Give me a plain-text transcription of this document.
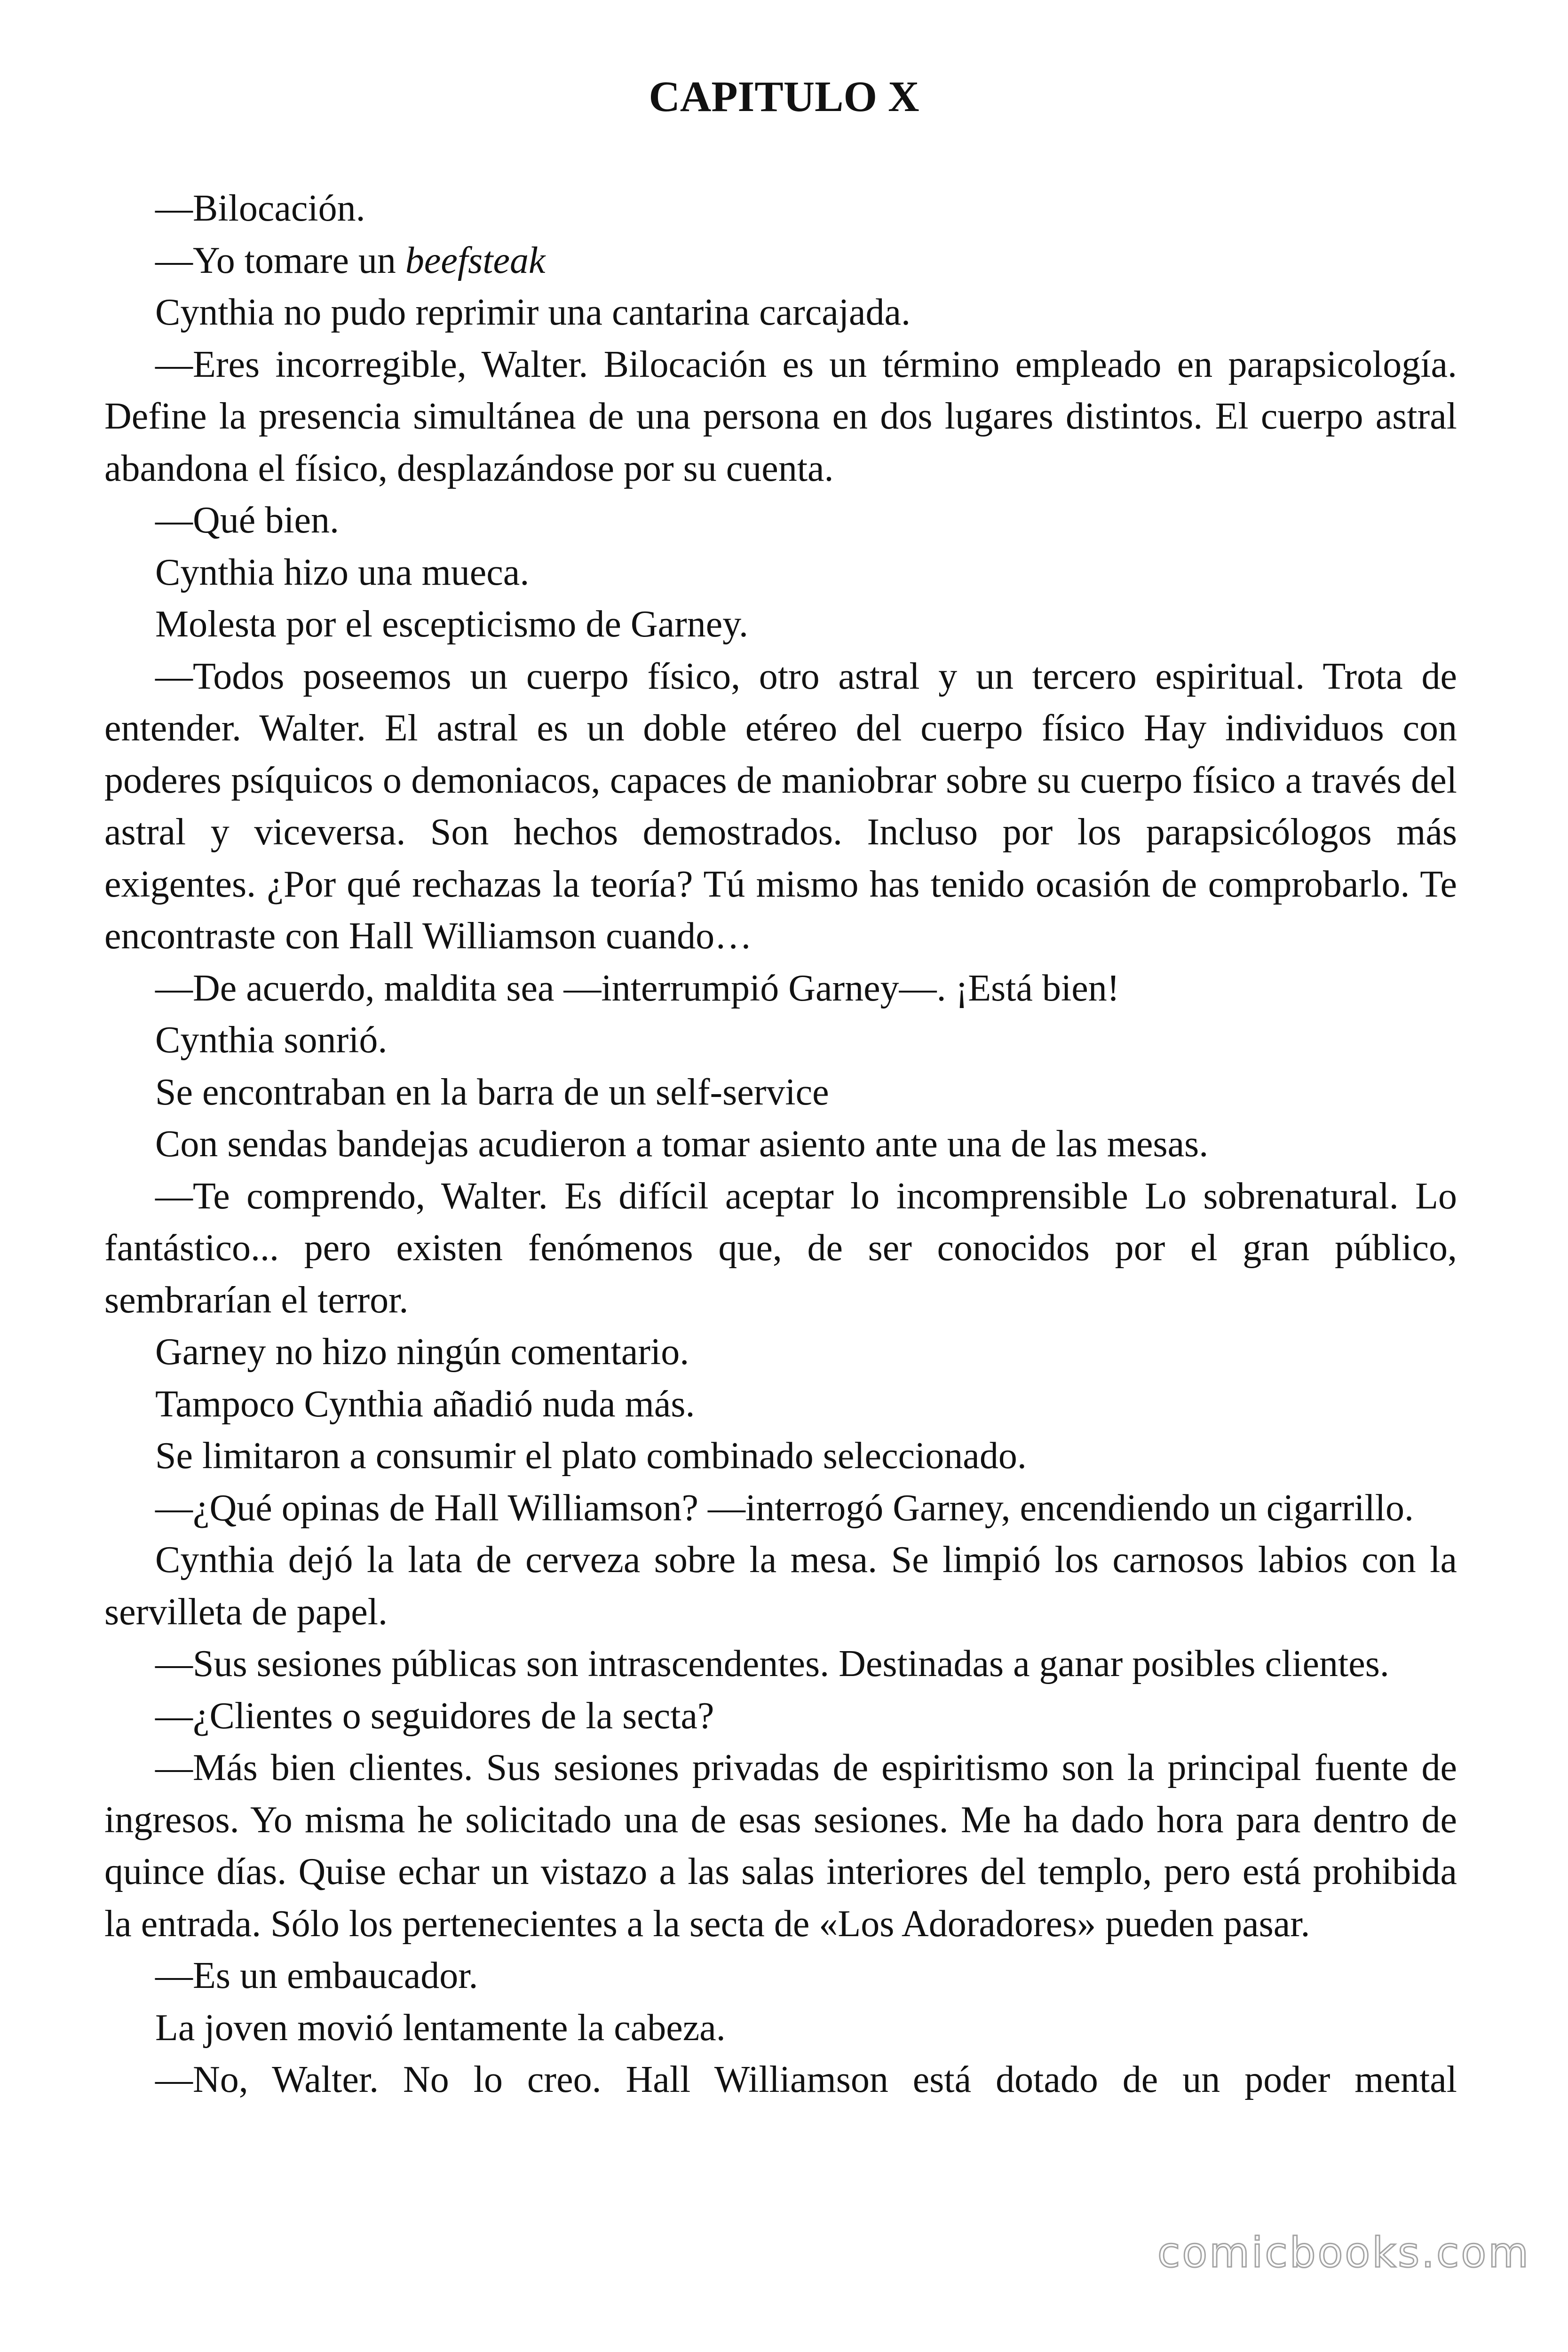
CAPITULO X

—Bilocación.

—Yo tomare un beefsteak

Cynthia no pudo reprimir una cantarina carcajada.

—Eres incorregible, Walter. Bilocación es un término empleado en parapsicología. Define la presencia simultánea de una persona en dos lugares distintos. El cuerpo astral abandona el físico, desplazándose por su cuenta.

—Qué bien.

Cynthia hizo una mueca.

Molesta por el escepticismo de Garney.

—Todos poseemos un cuerpo físico, otro astral y un tercero espiritual. Trota de entender. Walter. El astral es un doble etéreo del cuerpo físico Hay individuos con poderes psíquicos o demoniacos, capaces de maniobrar sobre su cuerpo físico a través del astral y viceversa. Son hechos demostrados. Incluso por los parapsicólogos más exigentes. ¿Por qué rechazas la teoría? Tú mismo has tenido ocasión de comprobarlo. Te encontraste con Hall Williamson cuando…

—De acuerdo, maldita sea —interrumpió Garney—. ¡Está bien!

Cynthia sonrió.

Se encontraban en la barra de un self-service

Con sendas bandejas acudieron a tomar asiento ante una de las mesas.

—Te comprendo, Walter. Es difícil aceptar lo incomprensible Lo sobrenatural. Lo fantástico... pero existen fenómenos que, de ser conocidos por el gran público, sembrarían el terror.

Garney no hizo ningún comentario.

Tampoco Cynthia añadió nuda más.

Se limitaron a consumir el plato combinado seleccionado.

—¿Qué opinas de Hall Williamson? —interrogó Garney, encendiendo un cigarrillo.

Cynthia dejó la lata de cerveza sobre la mesa. Se limpió los carnosos labios con la servilleta de papel.

—Sus sesiones públicas son intrascendentes. Destinadas a ganar posibles clientes.

—¿Clientes o seguidores de la secta?

—Más bien clientes. Sus sesiones privadas de espiritismo son la principal fuente de ingresos. Yo misma he solicitado una de esas sesiones. Me ha dado hora para dentro de quince días. Quise echar un vistazo a las salas interiores del templo, pero está prohibida la entrada. Sólo los pertenecientes a la secta de «Los Adoradores» pueden pasar.

—Es un embaucador.

La joven movió lentamente la cabeza.

—No, Walter. No lo creo. Hall Williamson está dotado de un poder mental

comicbooks.com
